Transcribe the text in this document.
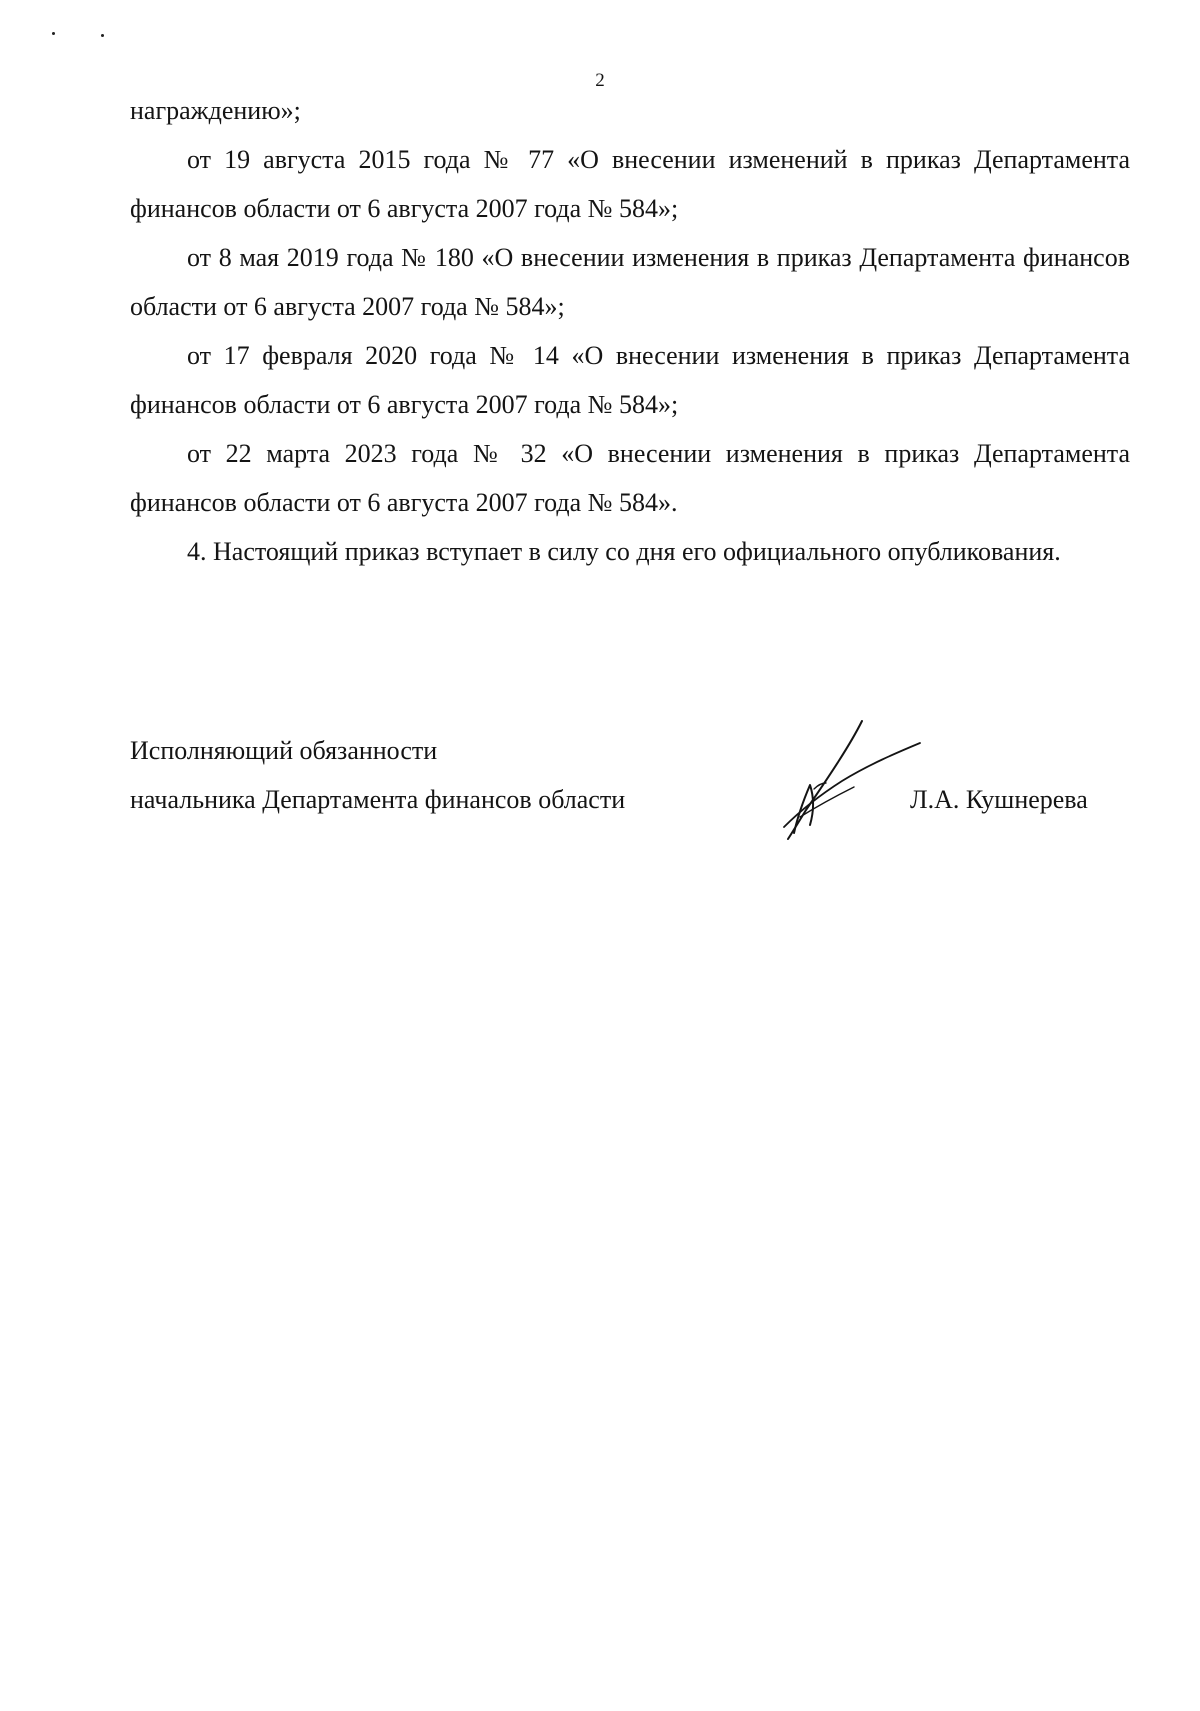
2

награждению»;

от 19 августа 2015 года № 77 «О внесении изменений в приказ Департамента финансов области от 6 августа 2007 года № 584»;

от 8 мая 2019 года № 180 «О внесении изменения в приказ Департамента финансов области от 6 августа 2007 года № 584»;

от 17 февраля 2020 года № 14 «О внесении изменения в приказ Департамента финансов области от 6 августа 2007 года № 584»;

от 22 марта 2023 года № 32 «О внесении изменения в приказ Департамента финансов области от 6 августа 2007 года № 584».

4. Настоящий приказ вступает в силу со дня его официального опубликования.

Исполняющий обязанности
начальника Департамента финансов области	Л.А. Кушнерева
